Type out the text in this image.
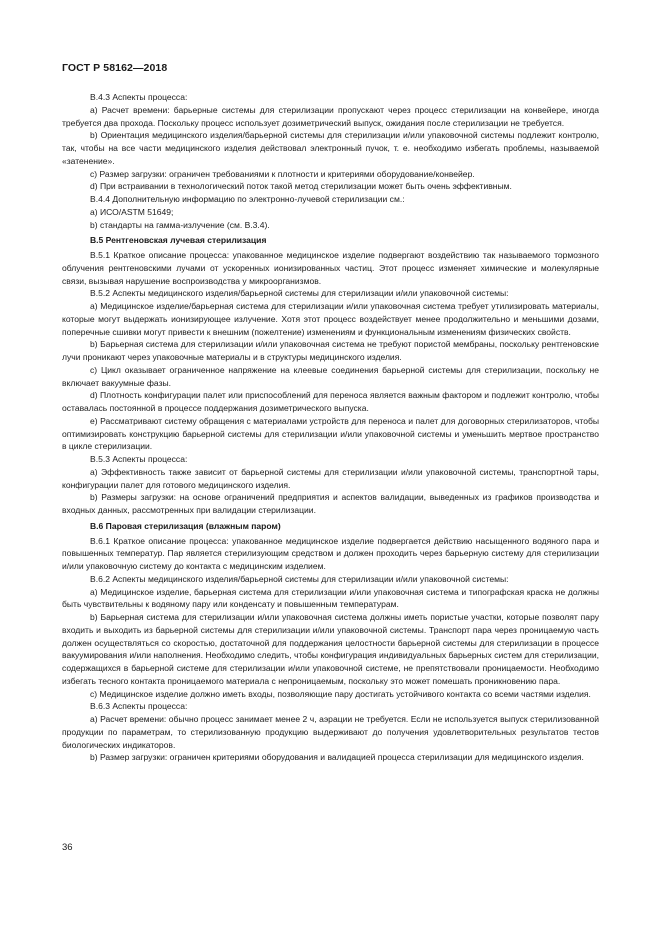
ГОСТ Р 58162—2018

B.4.3 Аспекты процесса:

a) Расчет времени: барьерные системы для стерилизации пропускают через процесс стерилизации на конвейере, иногда требуется два прохода. Поскольку процесс использует дозиметрический выпуск, ожидания после стерилизации не требуется.

b) Ориентация медицинского изделия/барьерной системы для стерилизации и/или упаковочной системы подлежит контролю, так, чтобы на все части медицинского изделия действовал электронный пучок, т. е. необходимо избегать проблемы, называемой «затенение».

c) Размер загрузки: ограничен требованиями к плотности и критериями оборудование/конвейер.

d) При встраивании в технологический поток такой метод стерилизации может быть очень эффективным.

B.4.4 Дополнительную информацию по электронно-лучевой стерилизации см.:

a) ИСО/ASTM 51649;

b) стандарты на гамма-излучение (см. B.3.4).

B.5 Рентгеновская лучевая стерилизация

B.5.1 Краткое описание процесса: упакованное медицинское изделие подвергают воздействию так называемого тормозного облучения рентгеновскими лучами от ускоренных ионизированных частиц. Этот процесс изменяет химические и молекулярные связи, вызывая нарушение воспроизводства у микроорганизмов.

B.5.2 Аспекты медицинского изделия/барьерной системы для стерилизации и/или упаковочной системы:

a) Медицинское изделие/барьерная система для стерилизации и/или упаковочная система требует утилизировать материалы, которые могут выдержать ионизирующее излучение. Хотя этот процесс воздействует менее продолжительно и меньшими дозами, поперечные сшивки могут привести к внешним (пожелтение) изменениям и функциональным изменениям физических свойств.

b) Барьерная система для стерилизации и/или упаковочная система не требуют пористой мембраны, поскольку рентгеновские лучи проникают через упаковочные материалы и в структуры медицинского изделия.

c) Цикл оказывает ограниченное напряжение на клеевые соединения барьерной системы для стерилизации, поскольку не включает вакуумные фазы.

d) Плотность конфигурации палет или приспособлений для переноса является важным фактором и подлежит контролю, чтобы оставалась постоянной в процессе поддержания дозиметрического выпуска.

e) Рассматривают систему обращения с материалами устройств для переноса и палет для договорных стерилизаторов, чтобы оптимизировать конструкцию барьерной системы для стерилизации и/или упаковочной системы и уменьшить мертвое пространство в цикле стерилизации.

B.5.3 Аспекты процесса:

a) Эффективность также зависит от барьерной системы для стерилизации и/или упаковочной системы, транспортной тары, конфигурации палет для готового медицинского изделия.

b) Размеры загрузки: на основе ограничений предприятия и аспектов валидации, выведенных из графиков производства и входных данных, рассмотренных при валидации стерилизации.

B.6 Паровая стерилизация (влажным паром)

B.6.1 Краткое описание процесса: упакованное медицинское изделие подвергается действию насыщенного водяного пара и повышенных температур. Пар является стерилизующим средством и должен проходить через барьерную систему для стерилизации и/или упаковочную систему до контакта с медицинским изделием.

B.6.2 Аспекты медицинского изделия/барьерной системы для стерилизации и/или упаковочной системы:

a) Медицинское изделие, барьерная система для стерилизации и/или упаковочная система и типографская краска не должны быть чувствительны к водяному пару или конденсату и повышенным температурам.

b) Барьерная система для стерилизации и/или упаковочная система должны иметь пористые участки, которые позволят пару входить и выходить из барьерной системы для стерилизации и/или упаковочной системы. Транспорт пара через проницаемую часть должен осуществляться со скоростью, достаточной для поддержания целостности барьерной системы для стерилизации в процессе вакуумирования и/или наполнения. Необходимо следить, чтобы конфигурация индивидуальных барьерных систем для стерилизации, содержащихся в барьерной системе для стерилизации и/или упаковочной системе, не препятствовали проницаемости. Необходимо избегать тесного контакта проницаемого материала с непроницаемым, поскольку это может помешать проникновению пара.

c) Медицинское изделие должно иметь входы, позволяющие пару достигать устойчивого контакта со всеми частями изделия.

B.6.3 Аспекты процесса:

a) Расчет времени: обычно процесс занимает менее 2 ч, аэрации не требуется. Если не используется выпуск стерилизованной продукции по параметрам, то стерилизованную продукцию выдерживают до получения удовлетворительных результатов тестов биологических индикаторов.

b) Размер загрузки: ограничен критериями оборудования и валидацией процесса стерилизации для медицинского изделия.

36
